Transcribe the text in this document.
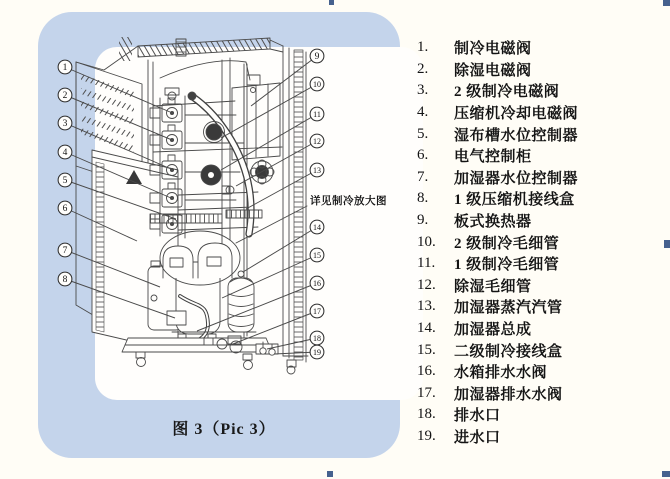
详见制冷放大图
1
2
3
4
5
6
7
8
9
10
11
12
13
14
15
16
17
18
19
图 3（Pic 3）
1.	制冷电磁阀
2.	除湿电磁阀
3.	2 级制冷电磁阀
4.	压缩机冷却电磁阀
5.	湿布槽水位控制器
6.	电气控制柜
7.	加湿器水位控制器
8.	1 级压缩机接线盒
9.	板式换热器
10.	2 级制冷毛细管
11.	1 级制冷毛细管
12.	除湿毛细管
13.	加湿器蒸汽汽管
14.	加湿器总成
15.	二级制冷接线盒
16.	水箱排水水阀
17.	加湿器排水水阀
18.	排水口
19.	进水口
